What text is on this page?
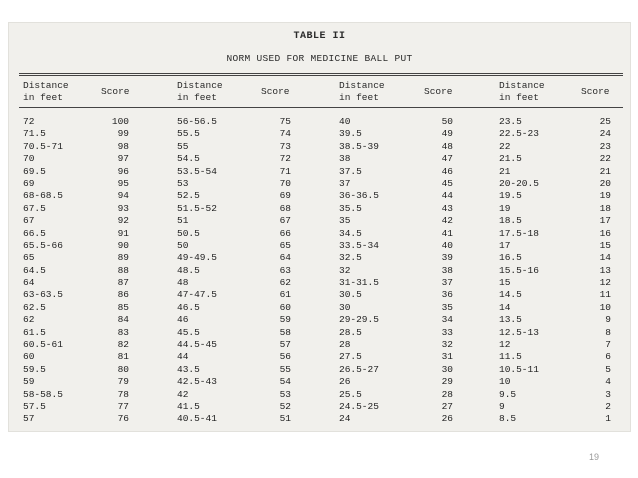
TABLE II
NORM USED FOR MEDICINE BALL PUT
Distance
in feet
Score
Distance
in feet
Score
Distance
in feet
Score
Distance
in feet
Score
72
71.5
70.5-71
70
69.5
69
68-68.5
67.5
67
66.5
65.5-66
65
64.5
64
63-63.5
62.5
62
61.5
60.5-61
60
59.5
59
58-58.5
57.5
57
100
99
98
97
96
95
94
93
92
91
90
89
88
87
86
85
84
83
82
81
80
79
78
77
76
56-56.5
55.5
55
54.5
53.5-54
53
52.5
51.5-52
51
50.5
50
49-49.5
48.5
48
47-47.5
46.5
46
45.5
44.5-45
44
43.5
42.5-43
42
41.5
40.5-41
75
74
73
72
71
70
69
68
67
66
65
64
63
62
61
60
59
58
57
56
55
54
53
52
51
40
39.5
38.5-39
38
37.5
37
36-36.5
35.5
35
34.5
33.5-34
32.5
32
31-31.5
30.5
30
29-29.5
28.5
28
27.5
26.5-27
26
25.5
24.5-25
24
50
49
48
47
46
45
44
43
42
41
40
39
38
37
36
35
34
33
32
31
30
29
28
27
26
23.5
22.5-23
22
21.5
21
20-20.5
19.5
19
18.5
17.5-18
17
16.5
15.5-16
15
14.5
14
13.5
12.5-13
12
11.5
10.5-11
10
9.5
9
8.5
25
24
23
22
21
20
19
18
17
16
15
14
13
12
11
10
9
8
7
6
5
4
3
2
1
19
